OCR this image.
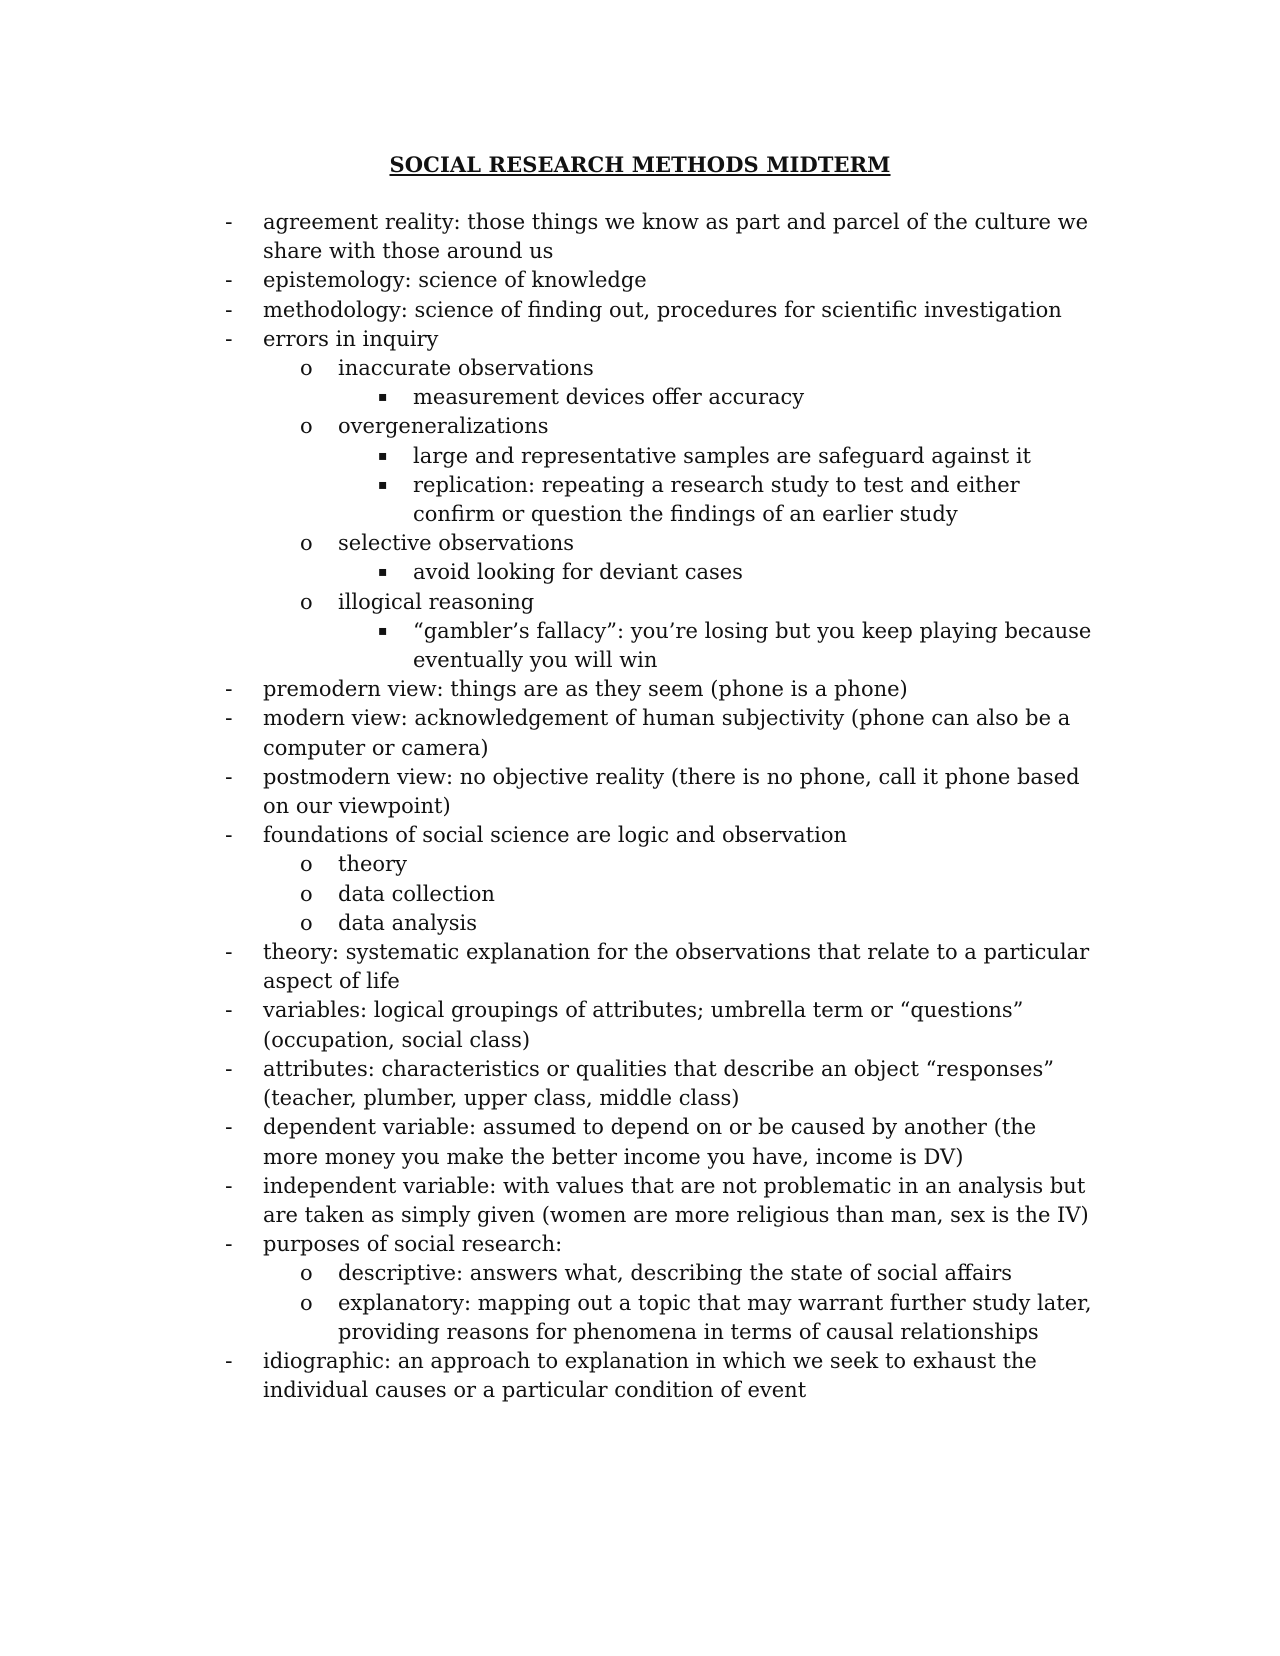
SOCIAL RESEARCH METHODS MIDTERM
- agreement reality: those things we know as part and parcel of the culture we share with those around us
- epistemology: science of knowledge
- methodology: science of finding out, procedures for scientific investigation
- errors in inquiry
o inaccurate observations
▪ measurement devices offer accuracy
o overgeneralizations
▪ large and representative samples are safeguard against it
▪ replication: repeating a research study to test and either confirm or question the findings of an earlier study
o selective observations
▪ avoid looking for deviant cases
o illogical reasoning
▪ “gambler’s fallacy”: you’re losing but you keep playing because eventually you will win
- premodern view: things are as they seem (phone is a phone)
- modern view: acknowledgement of human subjectivity (phone can also be a computer or camera)
- postmodern view: no objective reality (there is no phone, call it phone based on our viewpoint)
- foundations of social science are logic and observation
o theory
o data collection
o data analysis
- theory: systematic explanation for the observations that relate to a particular aspect of life
- variables: logical groupings of attributes; umbrella term or “questions” (occupation, social class)
- attributes: characteristics or qualities that describe an object “responses” (teacher, plumber, upper class, middle class)
- dependent variable: assumed to depend on or be caused by another (the more money you make the better income you have, income is DV)
- independent variable: with values that are not problematic in an analysis but are taken as simply given (women are more religious than man, sex is the IV)
- purposes of social research:
o descriptive: answers what, describing the state of social affairs
o explanatory: mapping out a topic that may warrant further study later, providing reasons for phenomena in terms of causal relationships
- idiographic: an approach to explanation in which we seek to exhaust the individual causes or a particular condition of event
